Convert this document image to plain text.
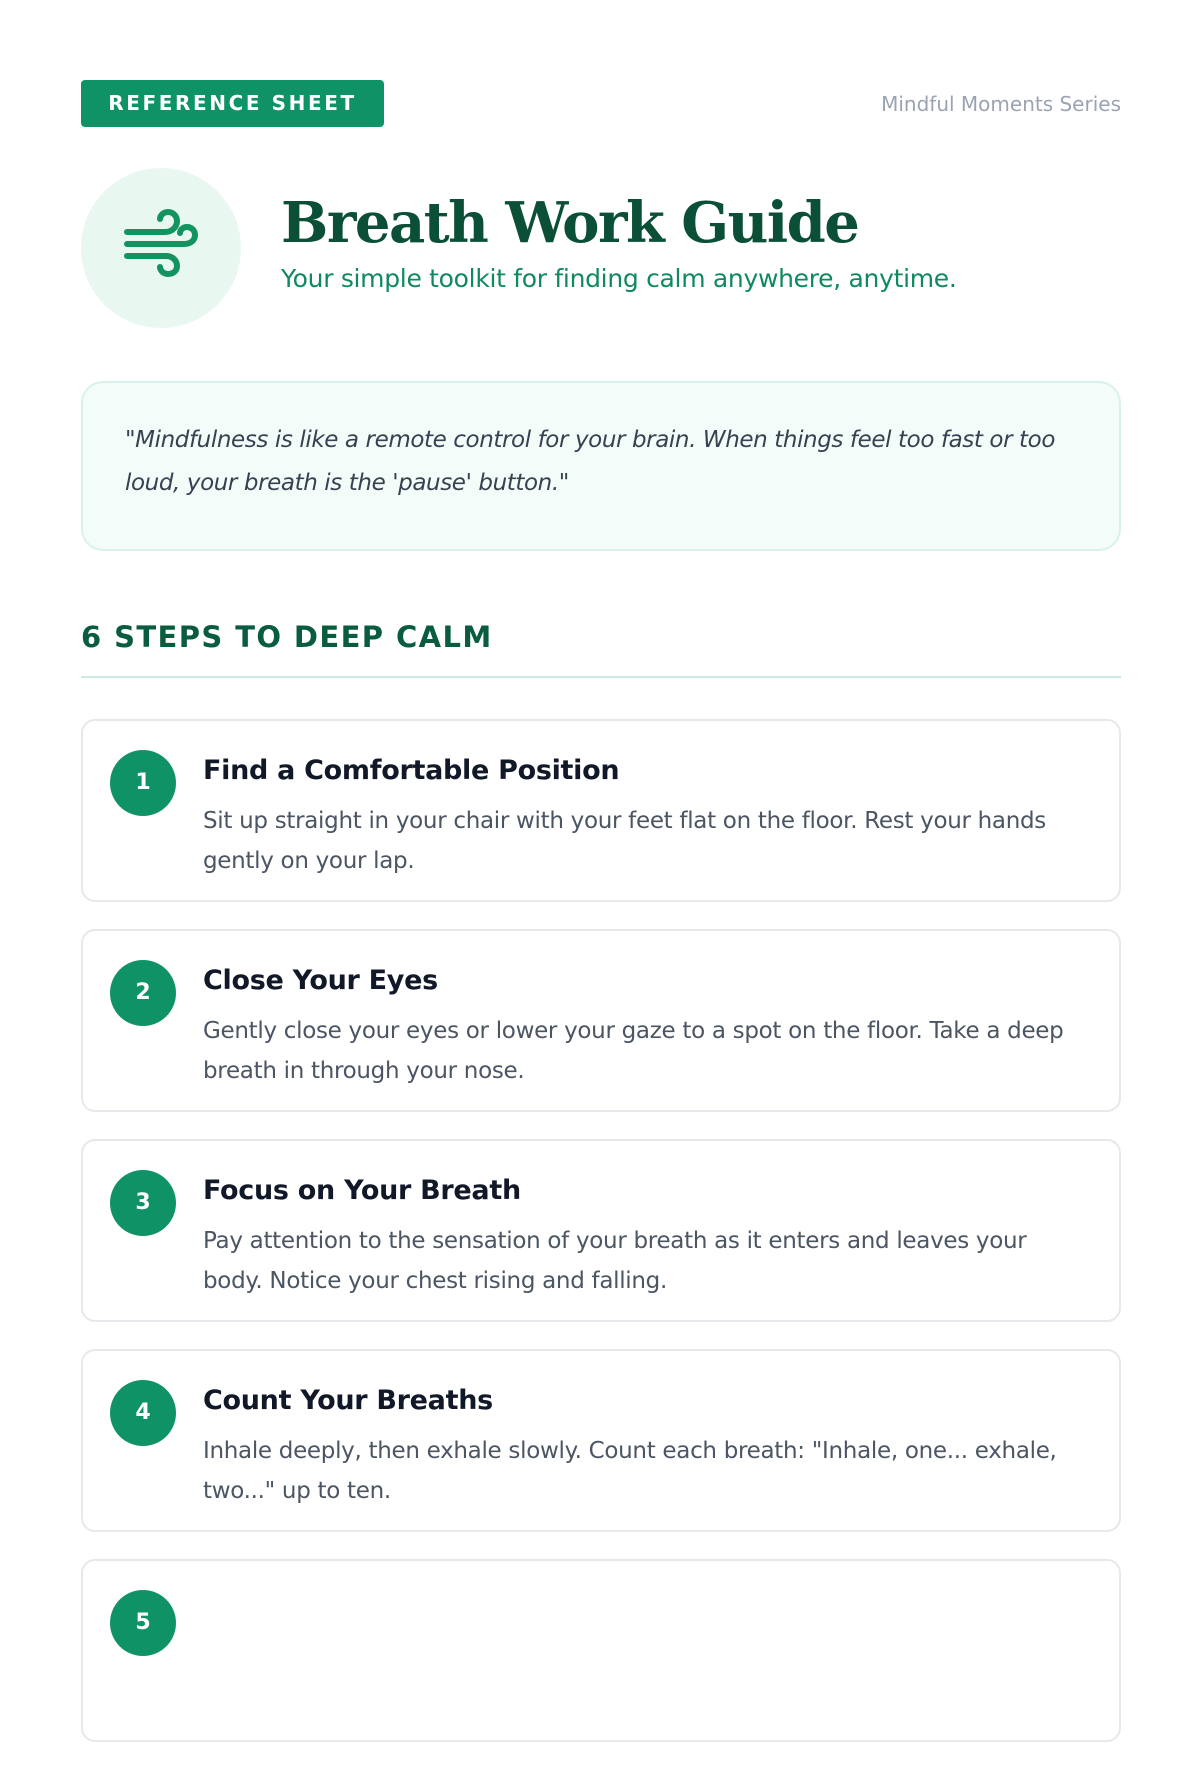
REFERENCE SHEET	Mindful Moments Series
Breath Work Guide
Your simple toolkit for finding calm anywhere, anytime.

"Mindfulness is like a remote control for your brain. When things feel too fast or too loud, your breath is the 'pause' button."

6 STEPS TO DEEP CALM
1	Find a Comfortable Position
Sit up straight in your chair with your feet flat on the floor. Rest your hands gently on your lap.
2	Close Your Eyes
Gently close your eyes or lower your gaze to a spot on the floor. Take a deep breath in through your nose.
3	Focus on Your Breath
Pay attention to the sensation of your breath as it enters and leaves your body. Notice your chest rising and falling.
4	Count Your Breaths
Inhale deeply, then exhale slowly. Count each breath: "Inhale, one... exhale, two..." up to ten.
5
